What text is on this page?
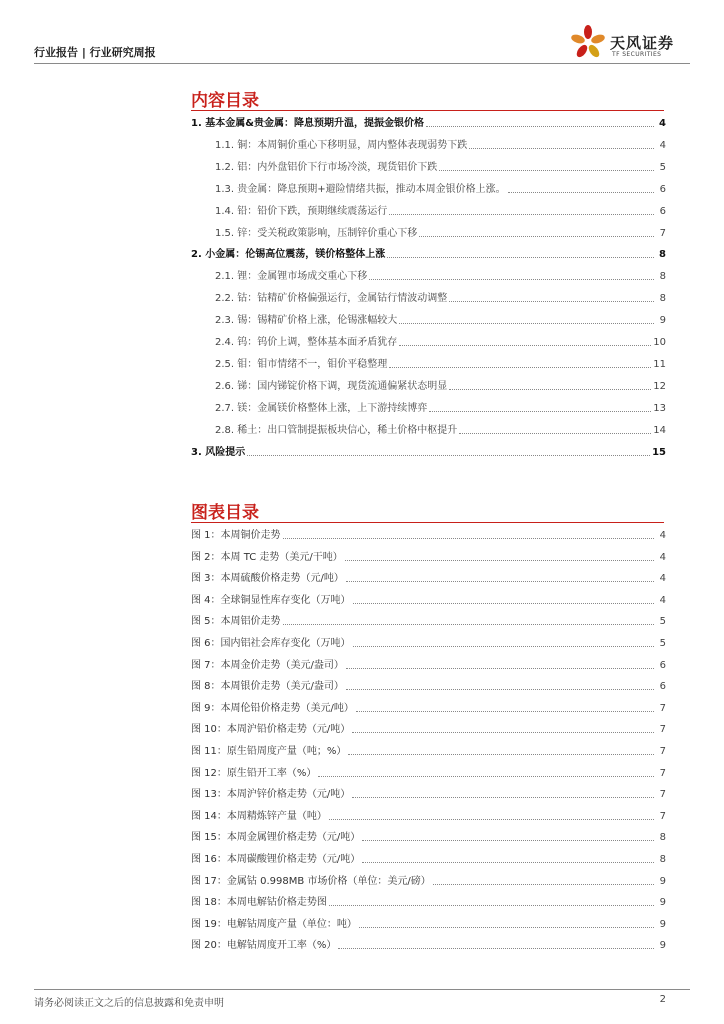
行业报告 | 行业研究周报
天风证券
TF SECURITIES
内容目录
1. 基本金属&贵金属：降息预期升温，提振金银价格	4
1.1. 铜：本周铜价重心下移明显，周内整体表现弱势下跌	4
1.2. 铝：内外盘铝价下行市场冷淡，现货铝价下跌	5
1.3. 贵金属：降息预期+避险情绪共振，推动本周金银价格上涨。	6
1.4. 铅：铅价下跌，预期继续震荡运行	6
1.5. 锌：受关税政策影响，压制锌价重心下移	7
2. 小金属：伦锡高位震荡，镁价格整体上涨	8
2.1. 锂：金属锂市场成交重心下移	8
2.2. 钴：钴精矿价格偏强运行，金属钴行情波动调整	8
2.3. 锡：锡精矿价格上涨，伦锡涨幅较大	9
2.4. 钨：钨价上调，整体基本面矛盾犹存	10
2.5. 钼：钼市情绪不一，钼价平稳整理	11
2.6. 锑：国内锑锭价格下调，现货流通偏紧状态明显	12
2.7. 镁：金属镁价格整体上涨，上下游持续博弈	13
2.8. 稀土：出口管制提振板块信心，稀土价格中枢提升	14
3. 风险提示	15
图表目录
图 1：本周铜价走势	4
图 2：本周 TC 走势（美元/干吨）	4
图 3：本周硫酸价格走势（元/吨）	4
图 4：全球铜显性库存变化（万吨）	4
图 5：本周铝价走势	5
图 6：国内铝社会库存变化（万吨）	5
图 7：本周金价走势（美元/盎司）	6
图 8：本周银价走势（美元/盎司）	6
图 9：本周伦铅价格走势（美元/吨）	7
图 10：本周沪铅价格走势（元/吨）	7
图 11：原生铅周度产量（吨；%）	7
图 12：原生铅开工率（%）	7
图 13：本周沪锌价格走势（元/吨）	7
图 14：本周精炼锌产量（吨）	7
图 15：本周金属锂价格走势（元/吨）	8
图 16：本周碳酸锂价格走势（元/吨）	8
图 17：金属钴 0.998MB 市场价格（单位：美元/磅）	9
图 18：本周电解钴价格走势图	9
图 19：电解钴周度产量（单位：吨）	9
图 20：电解钴周度开工率（%）	9
请务必阅读正文之后的信息披露和免责申明	2
